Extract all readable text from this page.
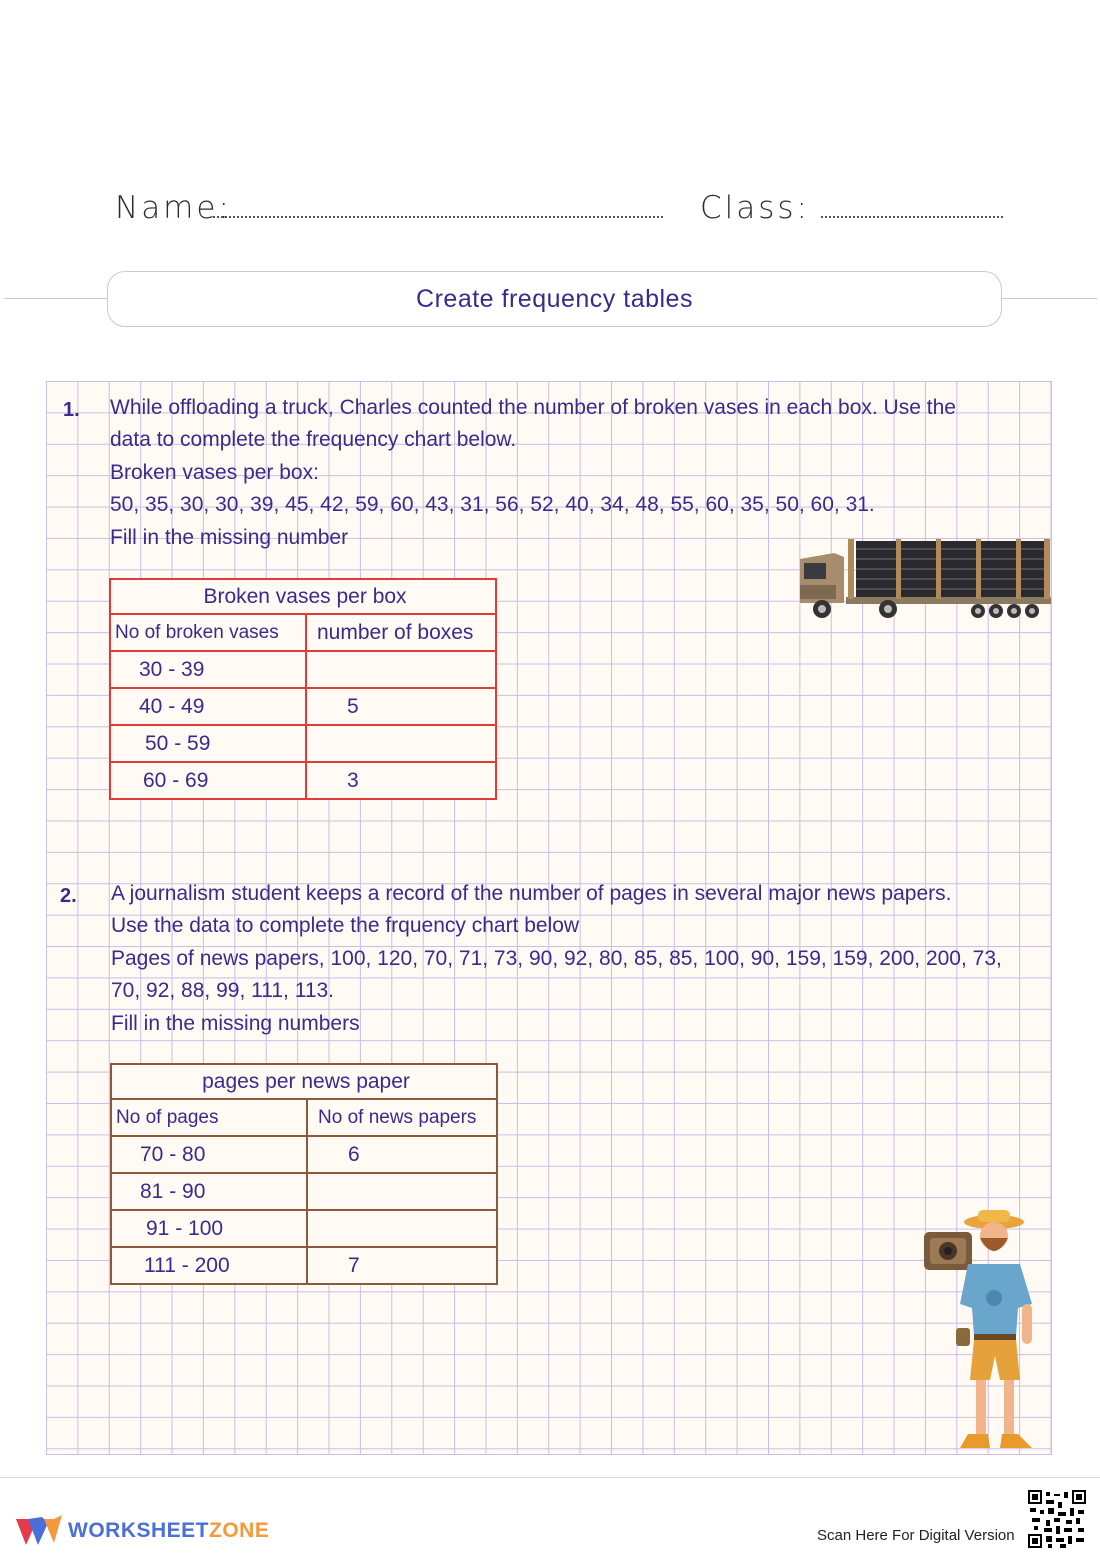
Name:	Class:
Create frequency tables
1. While offloading a truck, Charles counted the number of broken vases in each box. Use the
data to complete the frequency chart below.
Broken vases per box:
50, 35, 30, 30, 39, 45, 42, 59, 60, 43, 31, 56, 52, 40, 34, 48, 55, 60, 35, 50, 60, 31.
Fill in the missing number
Broken vases per box	
No of broken vases	number of boxes
30 - 39	
40 - 49	5
50 - 59	
60 - 69	3
2. A journalism student keeps a record of the number of pages in several major news papers.
Use the data to complete the frquency chart below
Pages of news papers, 100, 120, 70, 71, 73, 90, 92, 80, 85, 85, 100, 90, 159, 159, 200, 200, 73,
70, 92, 88, 99, 111, 113.
Fill in the missing numbers
pages per news paper	
No of pages	No of news papers
70 - 80	6
81 - 90	
91 - 100	
111 - 200	7
WORKSHEETZONE	Scan Here For Digital Version
